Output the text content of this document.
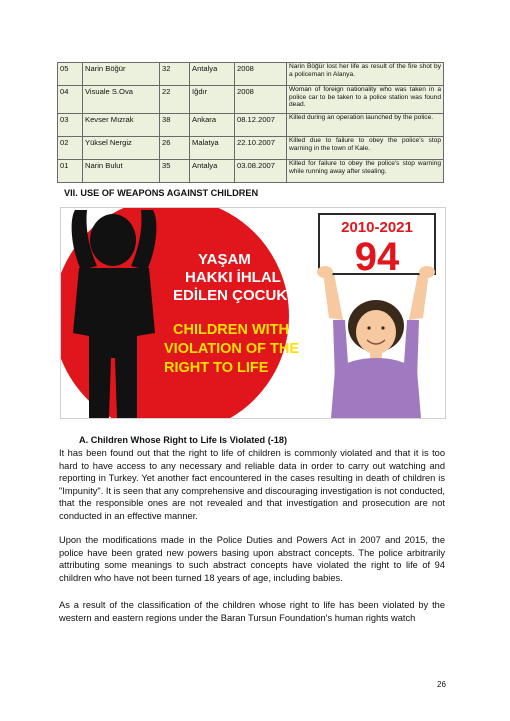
05	Narin Böğür	32	Antalya	2008	Narin Böğür lost her life as result of the fire shot by a policeman in Alanya.
04	Visuale S.Ova	22	Iğdır	2008	Woman of foreign nationality who was taken in a police car to be taken to a police station was found dead.
03	Kevser Mızrak	38	Ankara	08.12.2007	Killed during an operation launched by the police.
02	Yüksel Nergiz	26	Malatya	22.10.2007	Killed due to failure to obey the police's stop warning in the town of Kale.
01	Narin Bulut	35	Antalya	03.08.2007	Killed for failure to obey the police's stop warning while running away after stealing.
VII. USE OF WEAPONS AGAINST CHILDREN
YAŞAM
HAKKI İHLAL
EDİLEN ÇOCUKLAR
CHILDREN WITH
VIOLATION OF THE
RIGHT TO LIFE
2010-2021
94
A. Children Whose Right to Life Is Violated (-18)

It has been found out that the right to life of children is commonly violated and that it is too hard to have access to any necessary and reliable data in order to carry out watching and reporting in Turkey. Yet another fact encountered in the cases resulting in death of children is "Impunity". It is seen that any comprehensive and discouraging investigation is not conducted, that the responsible ones are not revealed and that investigation and prosecution are not conducted in an effective manner.

Upon the modifications made in the Police Duties and Powers Act in 2007 and 2015, the police have been grated new powers basing upon abstract concepts. The police arbitrarily attributing some meanings to such abstract concepts have violated the right to life of 94 children who have not been turned 18 years of age, including babies.

As a result of the classification of the children whose right to life has been violated by the western and eastern regions under the Baran Tursun Foundation's human rights watch

26
